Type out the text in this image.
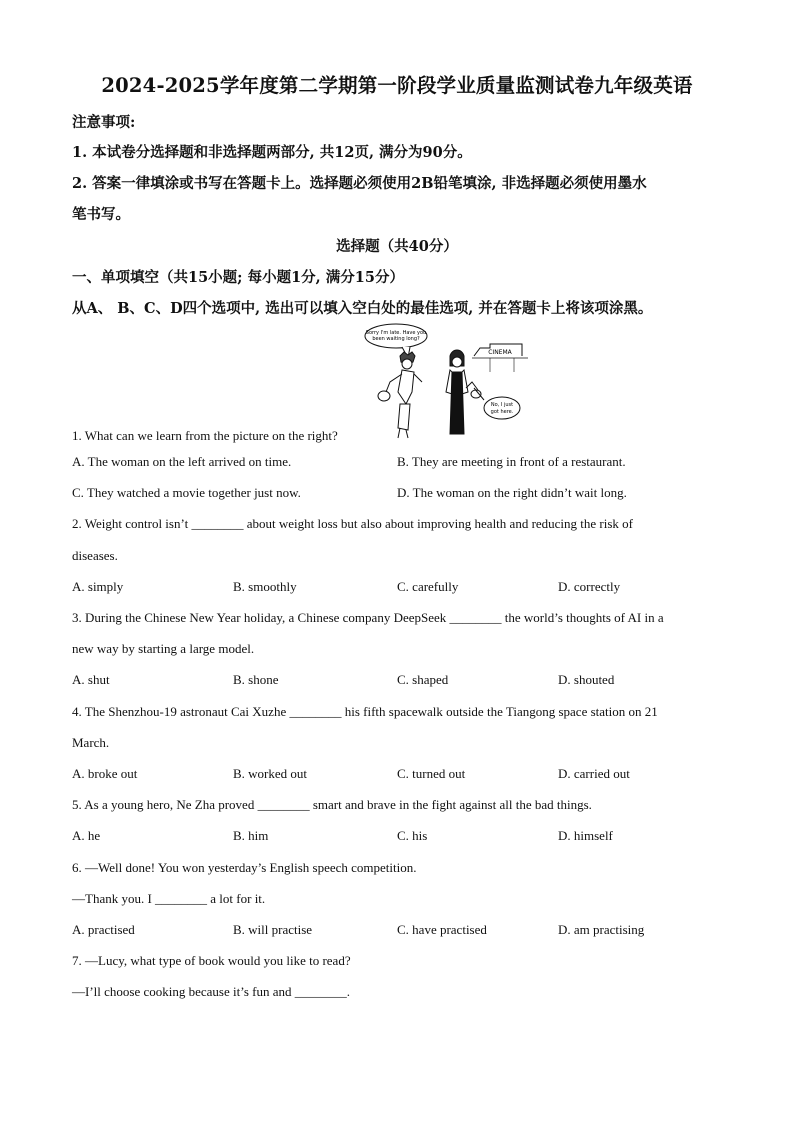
2024-2025学年度第二学期第一阶段学业质量监测试卷九年级英语
注意事项:
1. 本试卷分选择题和非选择题两部分, 共12页, 满分为90分。
2. 答案一律填涂或书写在答题卡上。选择题必须使用2B铅笔填涂, 非选择题必须使用墨水
笔书写。
选择题（共40分）
一、单项填空（共15小题; 每小题1分, 满分15分）
从A、 B、C、D四个选项中, 选出可以填入空白处的最佳选项, 并在答题卡上将该项涂黑。
Sorry I'm late. Have you
been waiting long?
CINEMA
No, I just
got here.
1. What can we learn from the picture on the right?
A. The woman on the left arrived on time.	B. They are meeting in front of a restaurant.
C. They watched a movie together just now.	D. The woman on the right didn’t wait long.
2. Weight control isn’t ________ about weight loss but also about improving health and reducing the risk of
diseases.
A. simply	B. smoothly	C. carefully	D. correctly
3. During the Chinese New Year holiday, a Chinese company DeepSeek ________ the world’s thoughts of AI in a
new way by starting a large model.
A. shut	B. shone	C. shaped	D. shouted
4. The Shenzhou-19 astronaut Cai Xuzhe ________ his fifth spacewalk outside the Tiangong space station on 21
March.
A. broke out	B. worked out	C. turned out	D. carried out
5. As a young hero, Ne Zha proved ________ smart and brave in the fight against all the bad things.
A. he	B. him	C. his	D. himself
6. —Well done! You won yesterday’s English speech competition.
—Thank you. I ________ a lot for it.
A. practised	B. will practise	C. have practised	D. am practising
7. —Lucy, what type of book would you like to read?
—I’ll choose cooking because it’s fun and ________.
